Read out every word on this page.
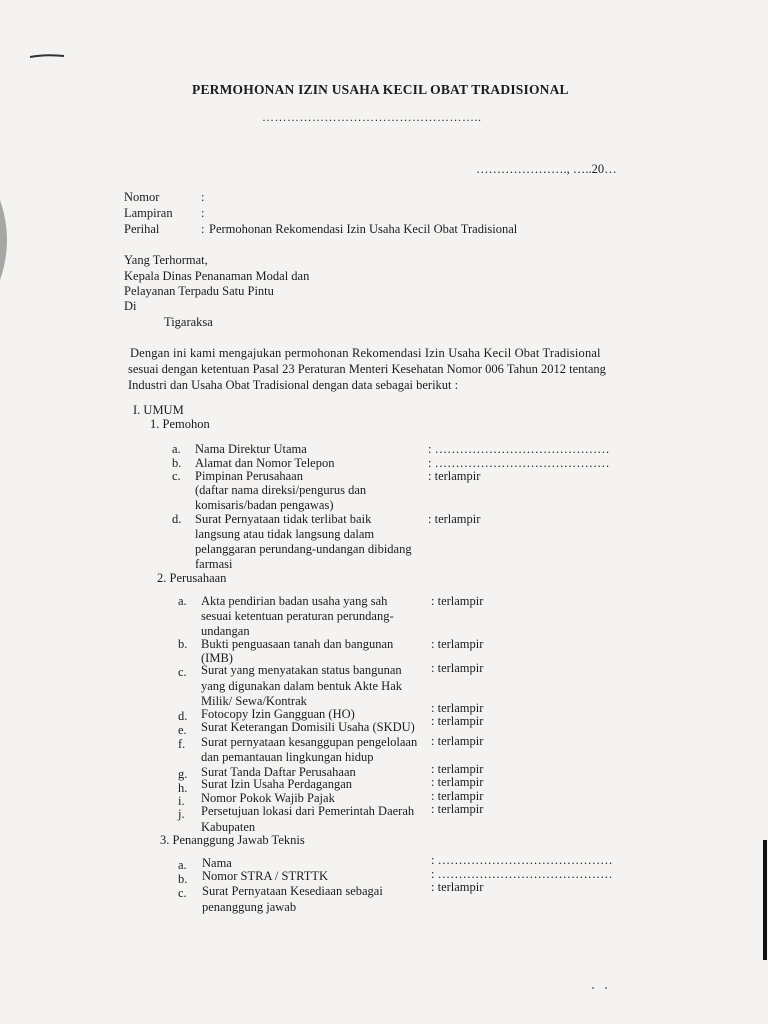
PERMOHONAN IZIN USAHA KECIL OBAT TRADISIONAL
……………………………………………..
…………………., …..20…
Nomor	:
Lampiran :
Perihal	: Permohonan Rekomendasi Izin Usaha Kecil Obat Tradisional
Yang Terhormat,
Kepala Dinas Penanaman Modal dan
Pelayanan Terpadu Satu Pintu
Di
Tigaraksa
Dengan ini kami mengajukan permohonan Rekomendasi Izin Usaha Kecil Obat Tradisional
sesuai dengan ketentuan Pasal 23 Peraturan Menteri Kesehatan Nomor 006 Tahun 2012 tentang
Industri dan Usaha Obat Tradisional dengan data sebagai berikut :
I. UMUM
1. Pemohon
a. Nama Direktur Utama	: ……………………………………
b. Alamat dan Nomor Telepon	: ……………………………………
c. Pimpinan Perusahaan
(daftar nama direksi/pengurus dan
komisaris/badan pengawas)
: terlampir
d. Surat Pernyataan tidak terlibat baik
langsung atau tidak langsung dalam
pelanggaran perundang-undangan dibidang
farmasi
: terlampir
2. Perusahaan
a. Akta pendirian badan usaha yang sah
sesuai ketentuan peraturan perundang-
undangan
: terlampir
b. Bukti penguasaan tanah dan bangunan
(IMB)
: terlampir
c. Surat yang menyatakan status bangunan
yang digunakan dalam bentuk Akte Hak
Milik/ Sewa/Kontrak
: terlampir
d. Fotocopy Izin Gangguan (HO)	: terlampir
e. Surat Keterangan Domisili Usaha (SKDU) : terlampir
f. Surat pernyataan kesanggupan pengelolaan
dan pemantauan lingkungan hidup
: terlampir
g. Surat Tanda Daftar Perusahaan	: terlampir
h. Surat Izin Usaha Perdagangan	: terlampir
i. Nomor Pokok Wajib Pajak	: terlampir
j. Persetujuan lokasi dari Pemerintah Daerah
Kabupaten
: terlampir
3. Penanggung Jawab Teknis
a. Nama	: ……………………………………
b. Nomor STRA / STRTTK	: ……………………………………
c. Surat Pernyataan Kesediaan sebagai
penanggung jawab
: terlampir
